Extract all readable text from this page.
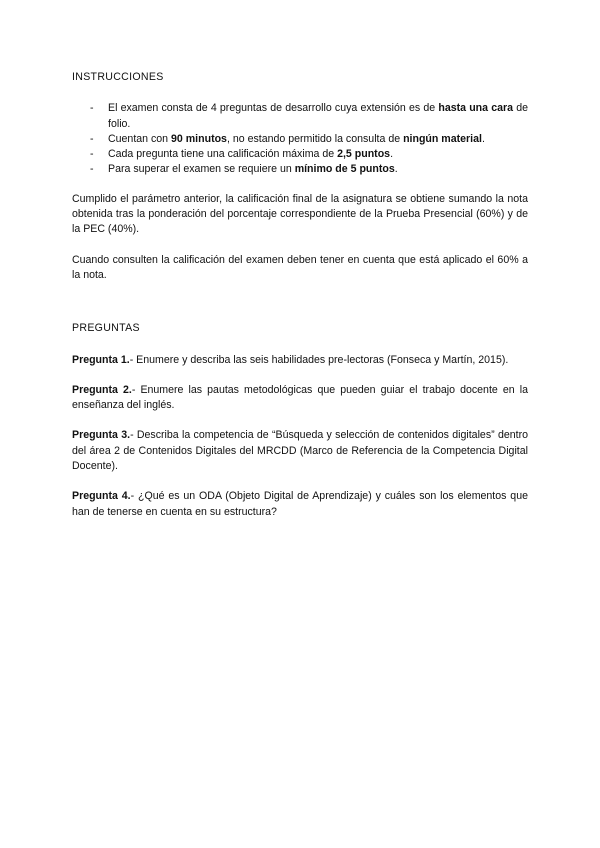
INSTRUCCIONES
- El examen consta de 4 preguntas de desarrollo cuya extensión es de hasta una cara de folio.
- Cuentan con 90 minutos, no estando permitido la consulta de ningún material.
- Cada pregunta tiene una calificación máxima de 2,5 puntos.
- Para superar el examen se requiere un mínimo de 5 puntos.

Cumplido el parámetro anterior, la calificación final de la asignatura se obtiene sumando la nota obtenida tras la ponderación del porcentaje correspondiente de la Prueba Presencial (60%) y de la PEC (40%).

Cuando consulten la calificación del examen deben tener en cuenta que está aplicado el 60% a la nota.

PREGUNTAS

Pregunta 1.- Enumere y describa las seis habilidades pre-lectoras (Fonseca y Martín, 2015).

Pregunta 2.- Enumere las pautas metodológicas que pueden guiar el trabajo docente en la enseñanza del inglés.

Pregunta 3.- Describa la competencia de “Búsqueda y selección de contenidos digitales” dentro del área 2 de Contenidos Digitales del MRCDD (Marco de Referencia de la Competencia Digital Docente).

Pregunta 4.- ¿Qué es un ODA (Objeto Digital de Aprendizaje) y cuáles son los elementos que han de tenerse en cuenta en su estructura?
